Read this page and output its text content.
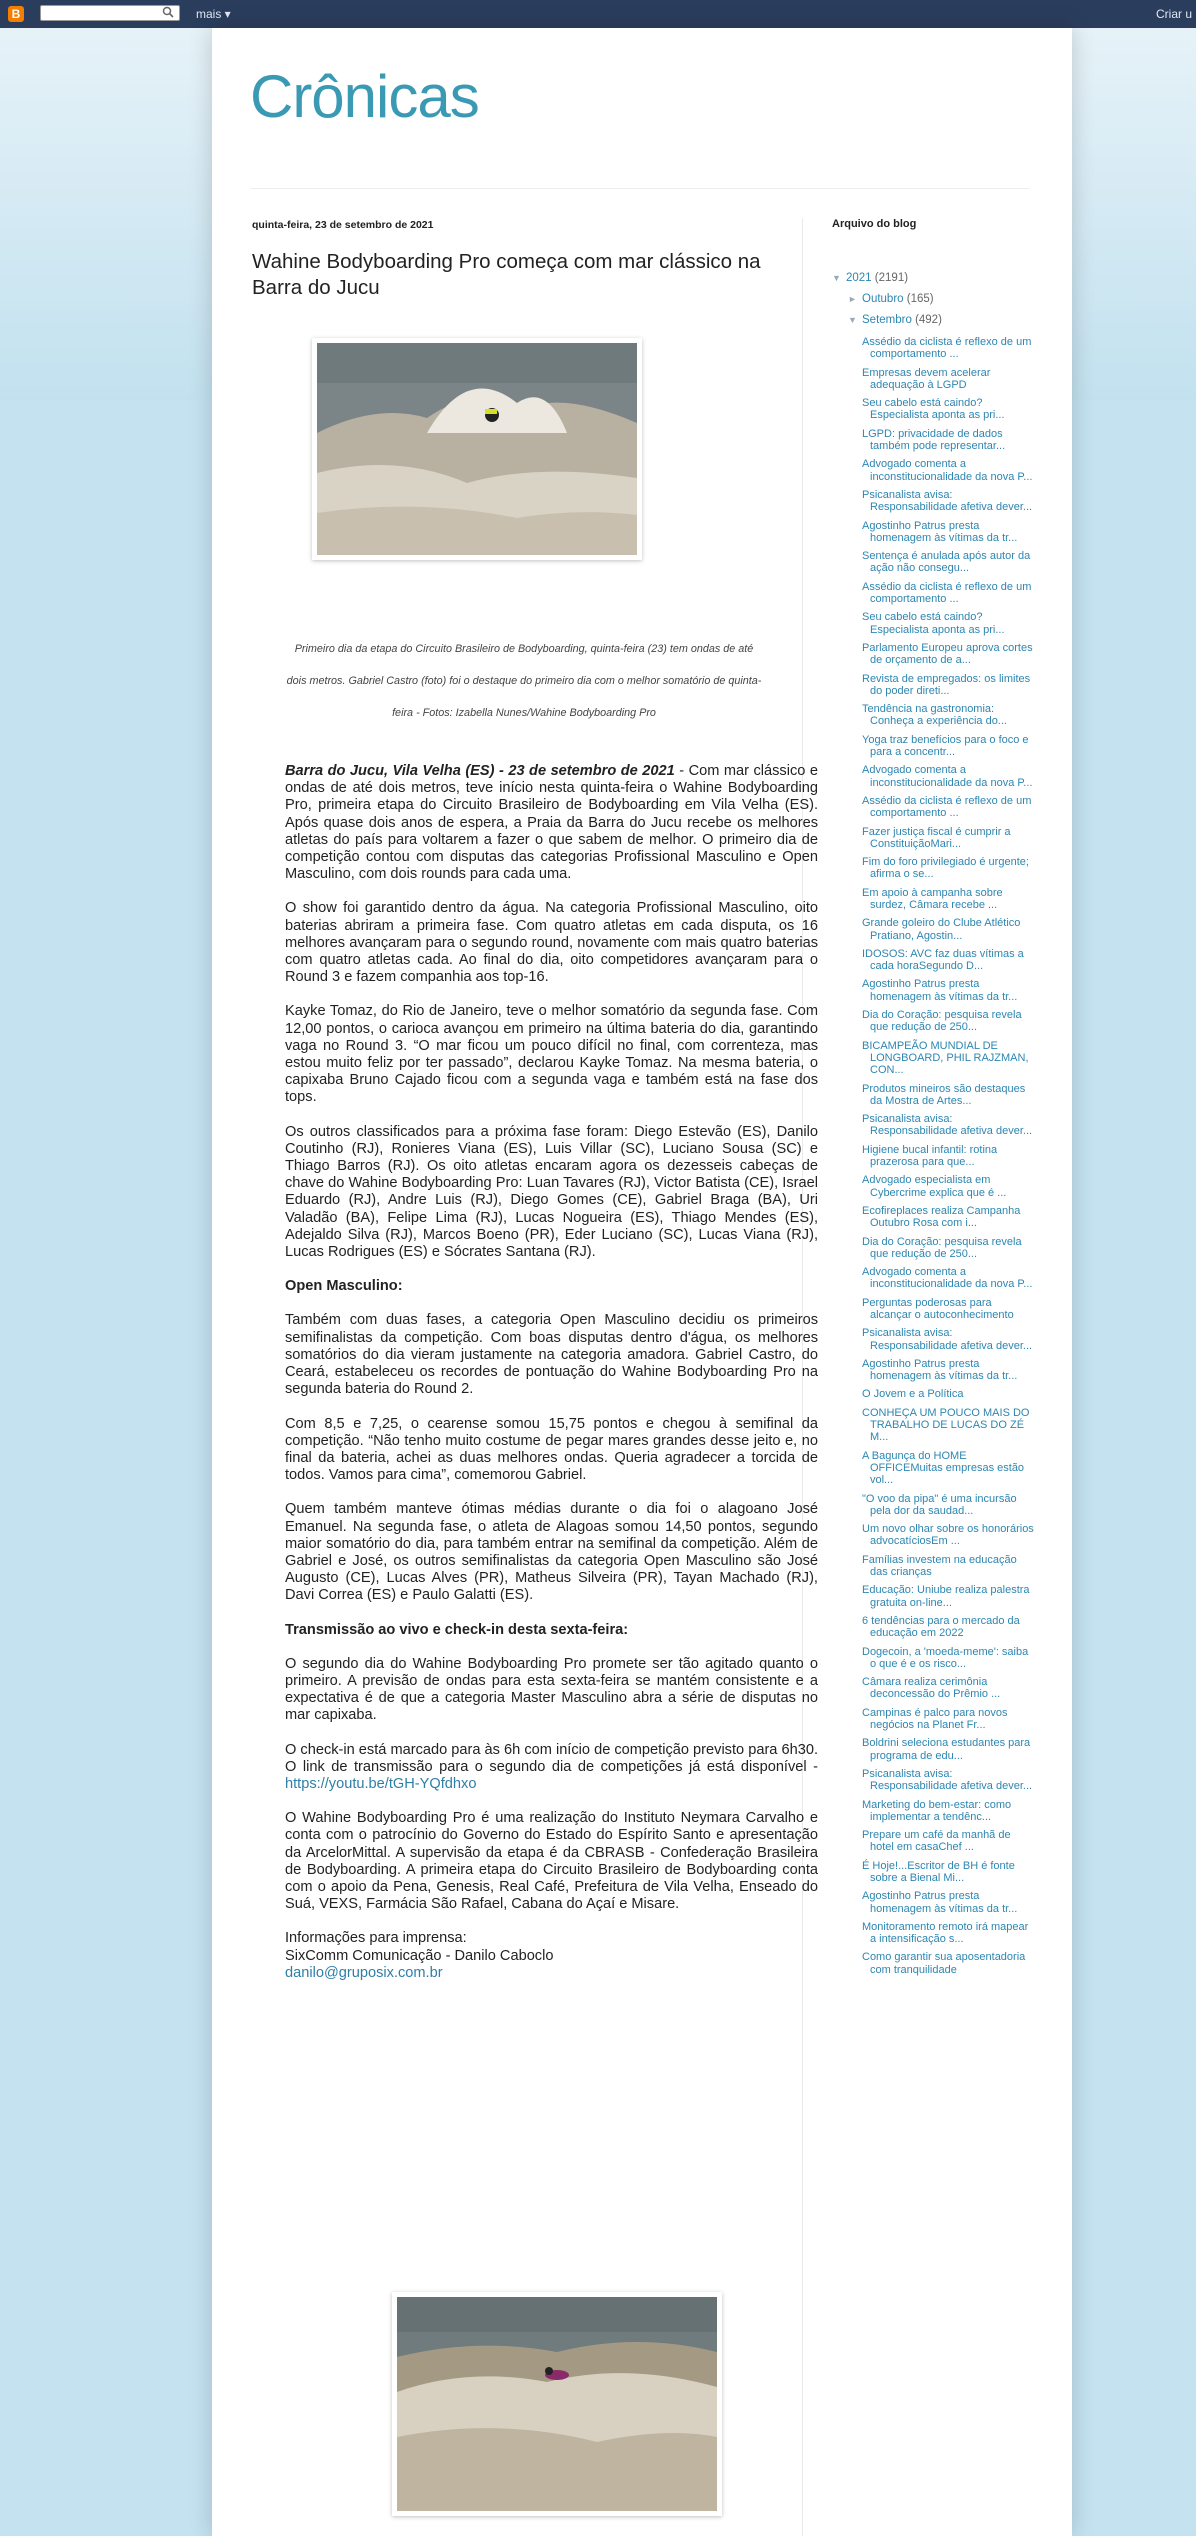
B	mais ▾	Criar u
Crônicas
quinta-feira, 23 de setembro de 2021
Wahine Bodyboarding Pro começa com mar clássico na Barra do Jucu
Primeiro dia da etapa do Circuito Brasileiro de Bodyboarding, quinta-feira (23) tem ondas de até dois metros. Gabriel Castro (foto) foi o destaque do primeiro dia com o melhor somatório de quinta-feira - Fotos: Izabella Nunes/Wahine Bodyboarding Pro

Barra do Jucu, Vila Velha (ES) - 23 de setembro de 2021 - Com mar clássico e ondas de até dois metros, teve início nesta quinta-feira o Wahine Bodyboarding Pro, primeira etapa do Circuito Brasileiro de Bodyboarding em Vila Velha (ES). Após quase dois anos de espera, a Praia da Barra do Jucu recebe os melhores atletas do país para voltarem a fazer o que sabem de melhor. O primeiro dia de competição contou com disputas das categorias Profissional Masculino e Open Masculino, com dois rounds para cada uma.

O show foi garantido dentro da água. Na categoria Profissional Masculino, oito baterias abriram a primeira fase. Com quatro atletas em cada disputa, os 16 melhores avançaram para o segundo round, novamente com mais quatro baterias com quatro atletas cada. Ao final do dia, oito competidores avançaram para o Round 3 e fazem companhia aos top-16.

Kayke Tomaz, do Rio de Janeiro, teve o melhor somatório da segunda fase. Com 12,00 pontos, o carioca avançou em primeiro na última bateria do dia, garantindo vaga no Round 3. “O mar ficou um pouco difícil no final, com correnteza, mas estou muito feliz por ter passado”, declarou Kayke Tomaz. Na mesma bateria, o capixaba Bruno Cajado ficou com a segunda vaga e também está na fase dos tops.

Os outros classificados para a próxima fase foram: Diego Estevão (ES), Danilo Coutinho (RJ), Ronieres Viana (ES), Luis Villar (SC), Luciano Sousa (SC) e Thiago Barros (RJ). Os oito atletas encaram agora os dezesseis cabeças de chave do Wahine Bodyboarding Pro: Luan Tavares (RJ), Victor Batista (CE), Israel Eduardo (RJ), Andre Luis (RJ), Diego Gomes (CE), Gabriel Braga (BA), Uri Valadão (BA), Felipe Lima (RJ), Lucas Nogueira (ES), Thiago Mendes (ES), Adejaldo Silva (RJ), Marcos Boeno (PR), Eder Luciano (SC), Lucas Viana (RJ), Lucas Rodrigues (ES) e Sócrates Santana (RJ).

Open Masculino:

Também com duas fases, a categoria Open Masculino decidiu os primeiros semifinalistas da competição. Com boas disputas dentro d'água, os melhores somatórios do dia vieram justamente na categoria amadora. Gabriel Castro, do Ceará, estabeleceu os recordes de pontuação do Wahine Bodyboarding Pro na segunda bateria do Round 2.

Com 8,5 e 7,25, o cearense somou 15,75 pontos e chegou à semifinal da competição. “Não tenho muito costume de pegar mares grandes desse jeito e, no final da bateria, achei as duas melhores ondas. Queria agradecer a torcida de todos. Vamos para cima”, comemorou Gabriel.

Quem também manteve ótimas médias durante o dia foi o alagoano José Emanuel. Na segunda fase, o atleta de Alagoas somou 14,50 pontos, segundo maior somatório do dia, para também entrar na semifinal da competição. Além de Gabriel e José, os outros semifinalistas da categoria Open Masculino são José Augusto (CE), Lucas Alves (PR), Matheus Silveira (PR), Tayan Machado (RJ), Davi Correa (ES) e Paulo Galatti (ES).

Transmissão ao vivo e check-in desta sexta-feira:

O segundo dia do Wahine Bodyboarding Pro promete ser tão agitado quanto o primeiro. A previsão de ondas para esta sexta-feira se mantém consistente e a expectativa é de que a categoria Master Masculino abra a série de disputas no mar capixaba.

O check-in está marcado para às 6h com início de competição previsto para 6h30. O link de transmissão para o segundo dia de competições já está disponível - https://youtu.be/tGH-YQfdhxo

O Wahine Bodyboarding Pro é uma realização do Instituto Neymara Carvalho e conta com o patrocínio do Governo do Estado do Espírito Santo e apresentação da ArcelorMittal. A supervisão da etapa é da CBRASB - Confederação Brasileira de Bodyboarding. A primeira etapa do Circuito Brasileiro de Bodyboarding conta com o apoio da Pena, Genesis, Real Café, Prefeitura de Vila Velha, Enseado do Suá, VEXS, Farmácia São Rafael, Cabana do Açaí e Misare.

Informações para imprensa:
SixComm Comunicação - Danilo Caboclo
danilo@gruposix.com.br
Arquivo do blog
▼ 2021 (2191)
► Outubro (165)
▼ Setembro (492)
Assédio da ciclista é reflexo de um comportamento ...
Empresas devem acelerar adequação à LGPD
Seu cabelo está caindo? Especialista aponta as pri...
LGPD: privacidade de dados também pode representar...
Advogado comenta a inconstitucionalidade da nova P...
Psicanalista avisa: Responsabilidade afetiva dever...
Agostinho Patrus presta homenagem às vítimas da tr...
Sentença é anulada após autor da ação não consegu...
Assédio da ciclista é reflexo de um comportamento ...
Seu cabelo está caindo? Especialista aponta as pri...
Parlamento Europeu aprova cortes de orçamento de a...
Revista de empregados: os limites do poder direti...
Tendência na gastronomia: Conheça a experiência do...
Yoga traz benefícios para o foco e para a concentr...
Advogado comenta a inconstitucionalidade da nova P...
Assédio da ciclista é reflexo de um comportamento ...
Fazer justiça fiscal é cumprir a ConstituiçãoMari...
Fim do foro privilegiado é urgente; afirma o se...
Em apoio à campanha sobre surdez, Câmara recebe ...
Grande goleiro do Clube Atlético Pratiano, Agostin...
IDOSOS: AVC faz duas vítimas a cada horaSegundo D...
Agostinho Patrus presta homenagem às vítimas da tr...
Dia do Coração: pesquisa revela que redução de 250...
BICAMPEÃO MUNDIAL DE LONGBOARD, PHIL RAJZMAN, CON...
Produtos mineiros são destaques da Mostra de Artes...
Psicanalista avisa: Responsabilidade afetiva dever...
Higiene bucal infantil: rotina prazerosa para que...
Advogado especialista em Cybercrime explica que é ...
Ecofireplaces realiza Campanha Outubro Rosa com i...
Dia do Coração: pesquisa revela que redução de 250...
Advogado comenta a inconstitucionalidade da nova P...
Perguntas poderosas para alcançar o autoconhecimento
Psicanalista avisa: Responsabilidade afetiva dever...
Agostinho Patrus presta homenagem às vítimas da tr...
O Jovem e a Política
CONHEÇA UM POUCO MAIS DO TRABALHO DE LUCAS DO ZÉ M...
A Bagunça do HOME OFFICEMuitas empresas estão vol...
"O voo da pipa" é uma incursão pela dor da saudad...
Um novo olhar sobre os honorários advocatíciosEm ...
Famílias investem na educação das crianças
Educação: Uniube realiza palestra gratuita on-line...
6 tendências para o mercado da educação em 2022
Dogecoin, a 'moeda-meme': saiba o que é e os risco...
Câmara realiza cerimônia deconcessão do Prêmio ...
Campinas é palco para novos negócios na Planet Fr...
Boldrini seleciona estudantes para programa de edu...
Psicanalista avisa: Responsabilidade afetiva dever...
Marketing do bem-estar: como implementar a tendênc...
Prepare um café da manhã de hotel em casaChef ...
É Hoje!...Escritor de BH é fonte sobre a Bienal Mi...
Agostinho Patrus presta homenagem às vítimas da tr...
Monitoramento remoto irá mapear a intensificação s...
Como garantir sua aposentadoria com tranquilidade
